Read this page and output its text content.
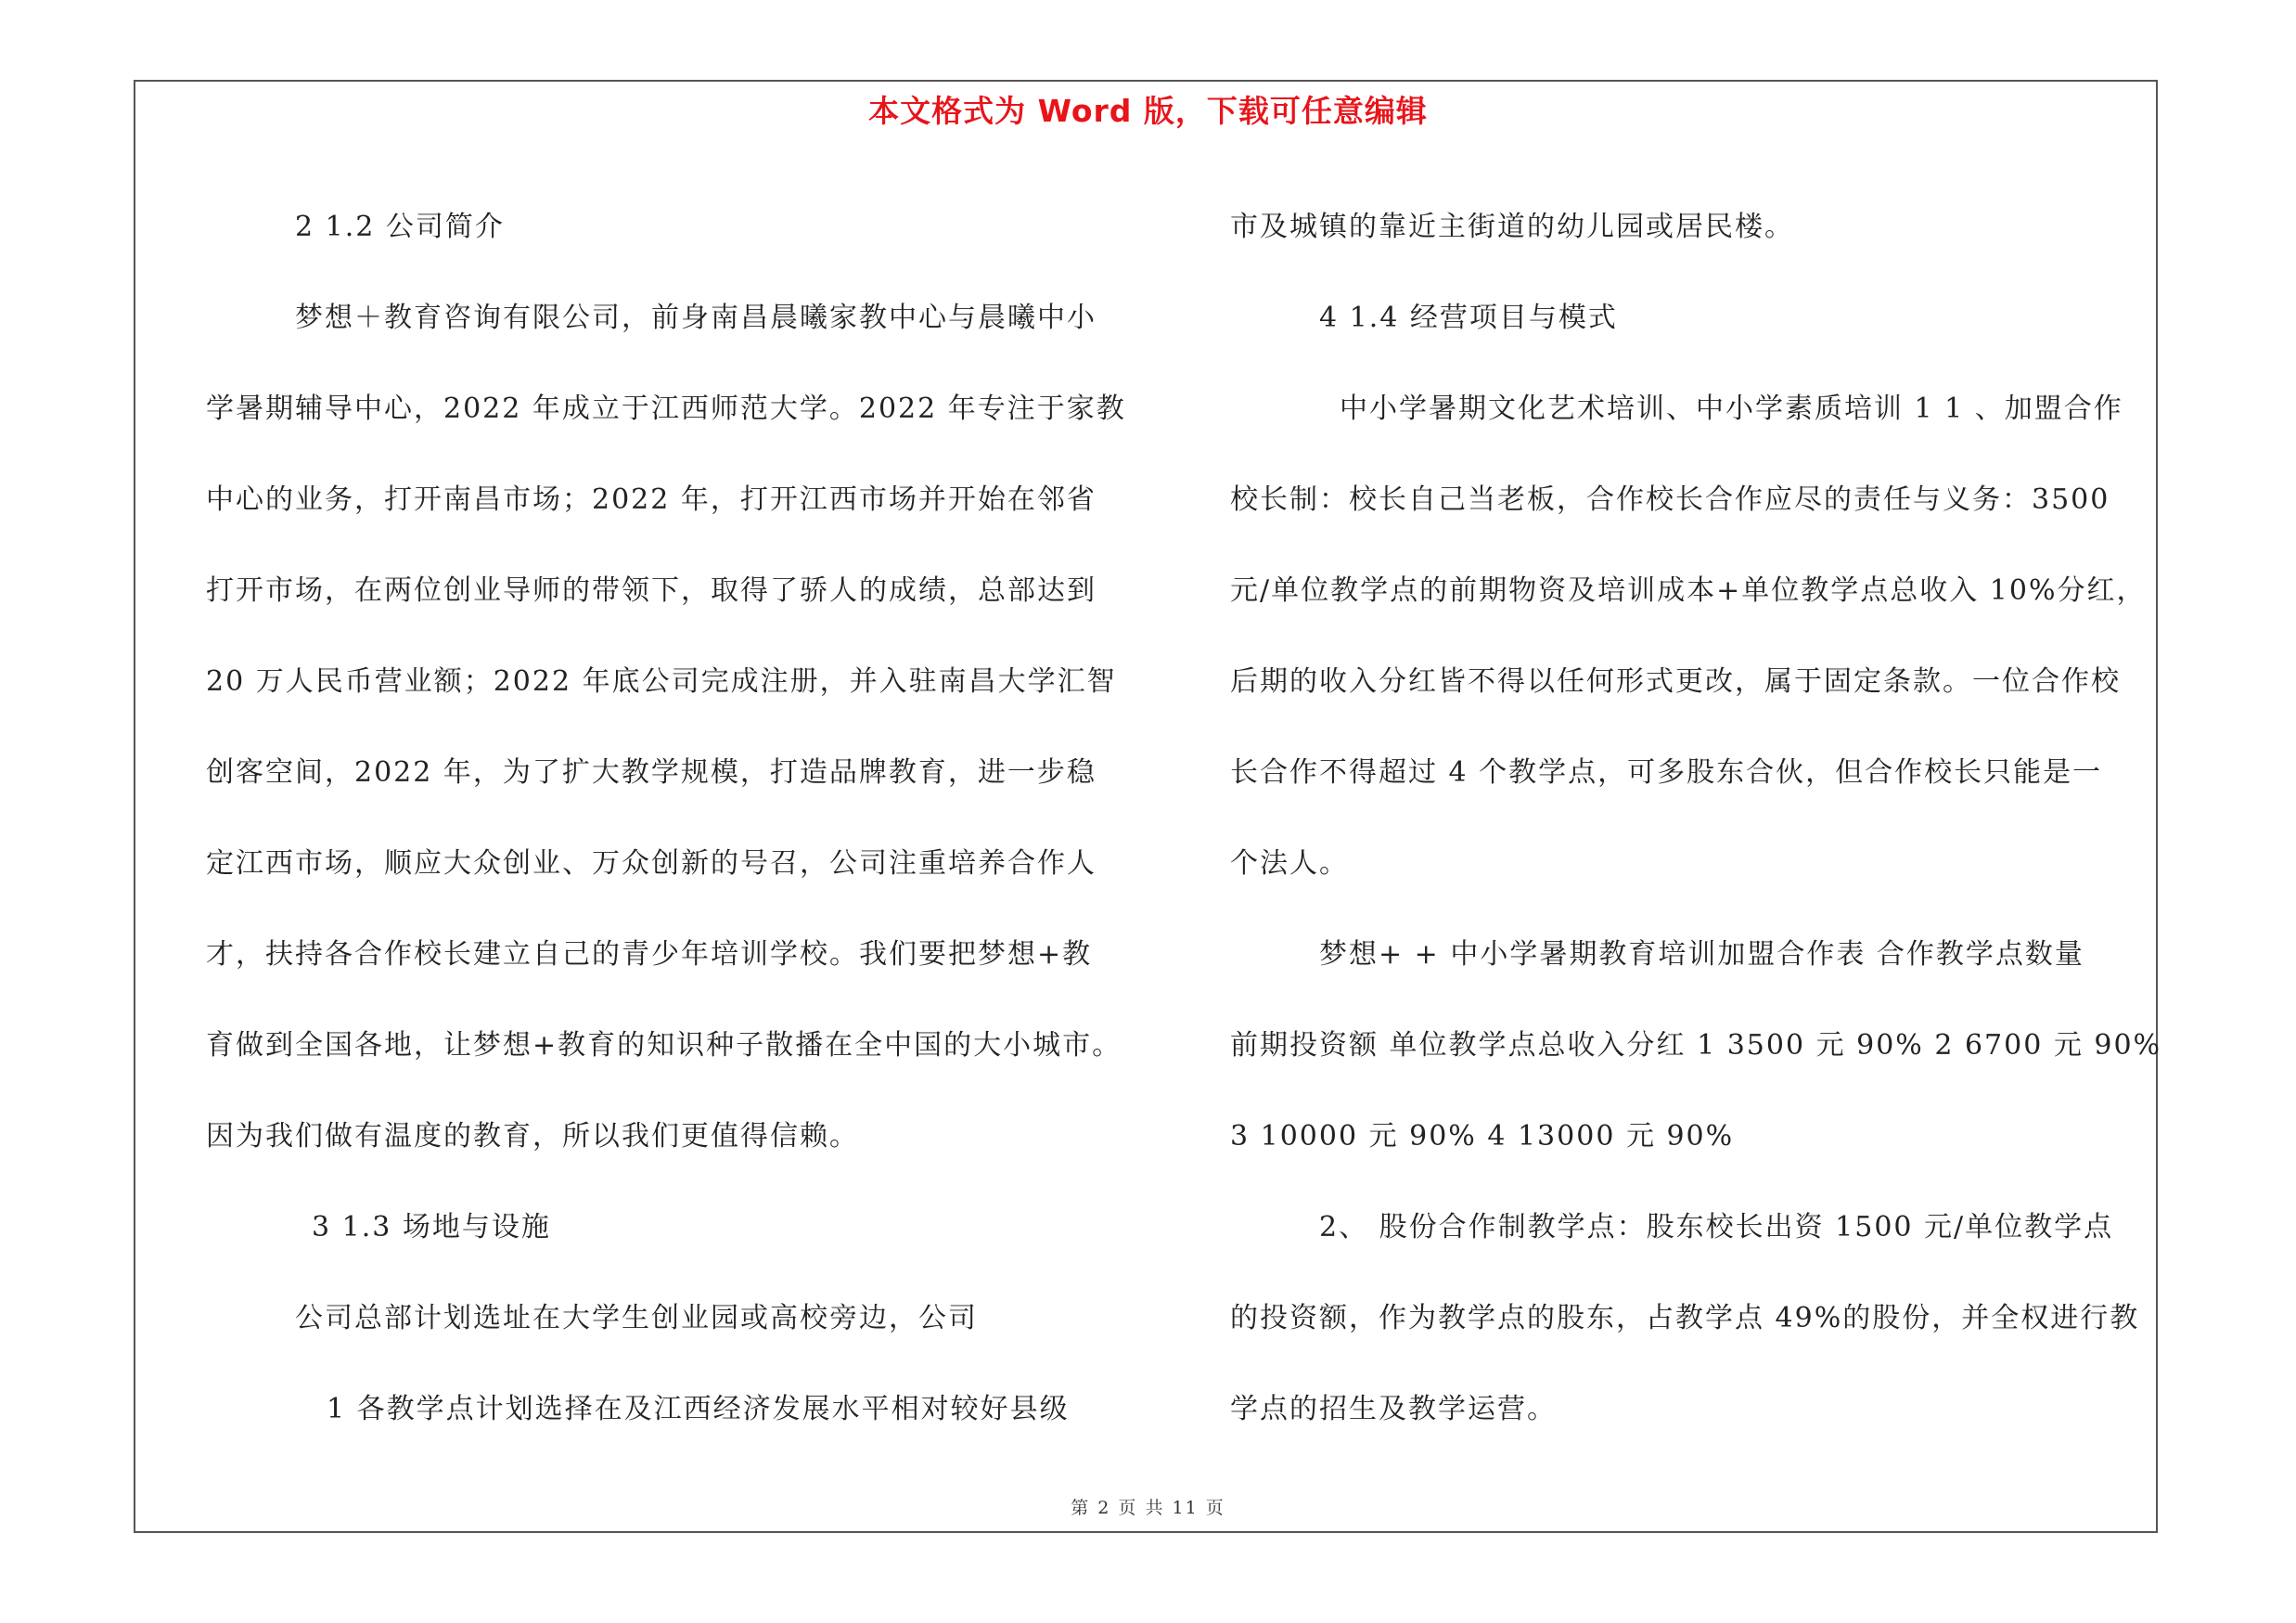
本文格式为 Word 版，下载可任意编辑

2 1.2 公司简介

梦想＋教育咨询有限公司，前身南昌晨曦家教中心与晨曦中小

学暑期辅导中心，2022 年成立于江西师范大学。2022 年专注于家教

中心的业务，打开南昌市场；2022 年，打开江西市场并开始在邻省

打开市场，在两位创业导师的带领下，取得了骄人的成绩，总部达到

20 万人民币营业额；2022 年底公司完成注册，并入驻南昌大学汇智

创客空间，2022 年，为了扩大教学规模，打造品牌教育，进一步稳

定江西市场，顺应大众创业、万众创新的号召，公司注重培养合作人

才，扶持各合作校长建立自己的青少年培训学校。我们要把梦想+教

育做到全国各地，让梦想+教育的知识种子散播在全中国的大小城市。

因为我们做有温度的教育，所以我们更值得信赖。

3 1.3 场地与设施

公司总部计划选址在大学生创业园或高校旁边，公司

1 各教学点计划选择在及江西经济发展水平相对较好县级

市及城镇的靠近主街道的幼儿园或居民楼。

4 1.4 经营项目与模式

中小学暑期文化艺术培训、中小学素质培训 1 1 、加盟合作

校长制：校长自己当老板，合作校长合作应尽的责任与义务：3500

元/单位教学点的前期物资及培训成本+单位教学点总收入 10%分红，

后期的收入分红皆不得以任何形式更改，属于固定条款。一位合作校

长合作不得超过 4 个教学点，可多股东合伙，但合作校长只能是一

个法人。

梦想+ + 中小学暑期教育培训加盟合作表 合作教学点数量

前期投资额 单位教学点总收入分红 1 3500 元 90% 2 6700 元 90%

3 10000 元 90% 4 13000 元 90%

2、 股份合作制教学点：股东校长出资 1500 元/单位教学点

的投资额，作为教学点的股东，占教学点 49%的股份，并全权进行教

学点的招生及教学运营。

第 2 页 共 11 页
